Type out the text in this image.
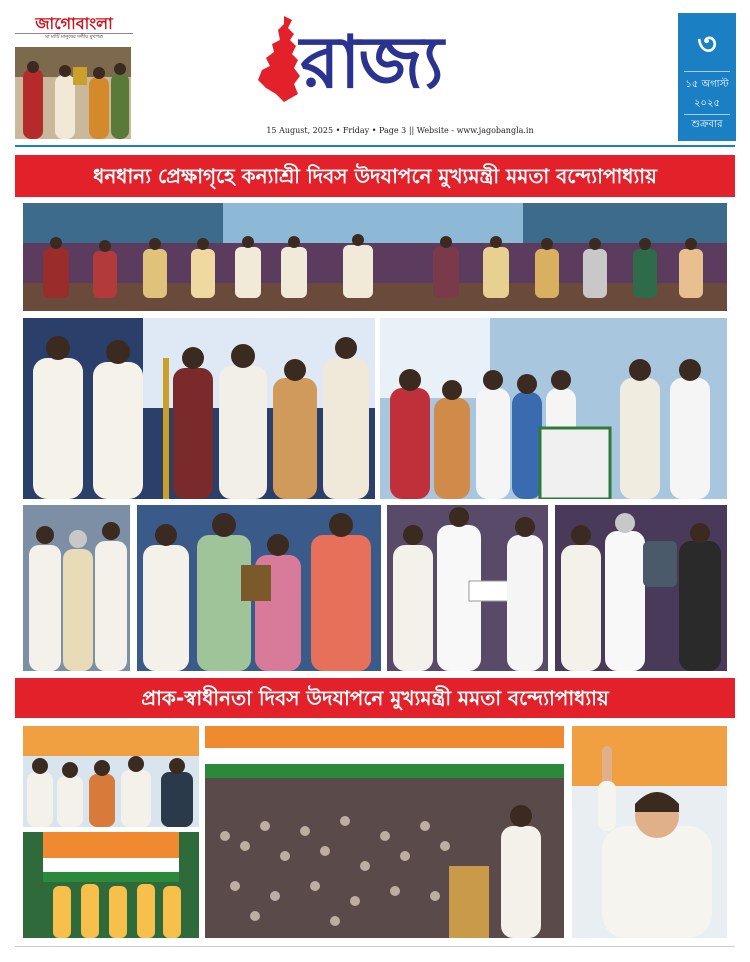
জাগোবাংলা
মা মাটি মানুষের দলীয় মুখপত্র	রাজ্য
15 August, 2025 • Friday • Page 3 || Website - www.jagobangla.in
৩
১৫ অগাস্ট
২০২৫
শুক্রবার
ধনধান্য প্রেক্ষাগৃহে কন্যাশ্রী দিবস উদযাপনে মুখ্যমন্ত্রী মমতা বন্দ্যোপাধ্যায়
প্রাক-স্বাধীনতা দিবস উদযাপনে মুখ্যমন্ত্রী মমতা বন্দ্যোপাধ্যায়
